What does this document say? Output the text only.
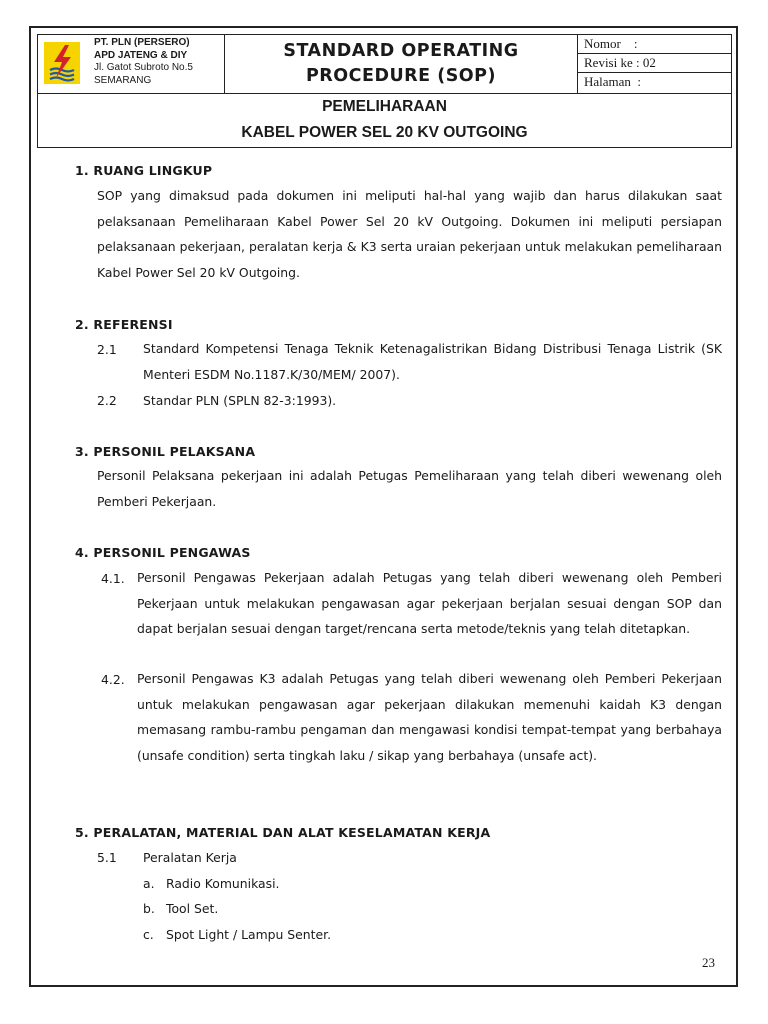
PT. PLN (PERSERO)
APD JATENG & DIY
Jl. Gatot Subroto No.5
SEMARANG
STANDARD OPERATING
PROCEDURE (SOP)
Nomor    :
Revisi ke : 02
Halaman  :
PEMELIHARAAN
KABEL POWER SEL 20 KV OUTGOING
1. RUANG LINGKUP
SOP yang dimaksud pada dokumen ini meliputi hal-hal yang wajib dan harus dilakukan saat pelaksanaan Pemeliharaan Kabel Power Sel 20 kV Outgoing. Dokumen ini meliputi persiapan pelaksanaan pekerjaan, peralatan kerja & K3 serta uraian pekerjaan untuk melakukan pemeliharaan Kabel Power Sel 20 kV Outgoing.
2. REFERENSI
2.1 Standard Kompetensi Tenaga Teknik Ketenagalistrikan Bidang Distribusi Tenaga Listrik (SK Menteri ESDM No.1187.K/30/MEM/ 2007).
2.2 Standar PLN (SPLN 82-3:1993).
3. PERSONIL PELAKSANA
Personil Pelaksana pekerjaan ini adalah Petugas Pemeliharaan yang telah diberi wewenang oleh Pemberi Pekerjaan.
4. PERSONIL PENGAWAS
4.1. Personil Pengawas Pekerjaan adalah Petugas yang telah diberi wewenang oleh Pemberi Pekerjaan untuk melakukan pengawasan agar pekerjaan berjalan sesuai dengan SOP dan dapat berjalan sesuai dengan target/rencana serta metode/teknis yang telah ditetapkan.
4.2. Personil Pengawas K3 adalah Petugas yang telah diberi wewenang oleh Pemberi Pekerjaan untuk melakukan pengawasan agar pekerjaan dilakukan memenuhi kaidah K3 dengan memasang rambu-rambu pengaman dan mengawasi kondisi tempat-tempat yang berbahaya (unsafe condition) serta tingkah laku / sikap yang berbahaya (unsafe act).
5. PERALATAN, MATERIAL DAN ALAT KESELAMATAN KERJA
5.1 Peralatan Kerja
a. Radio Komunikasi.
b. Tool Set.
c. Spot Light / Lampu Senter.
23
